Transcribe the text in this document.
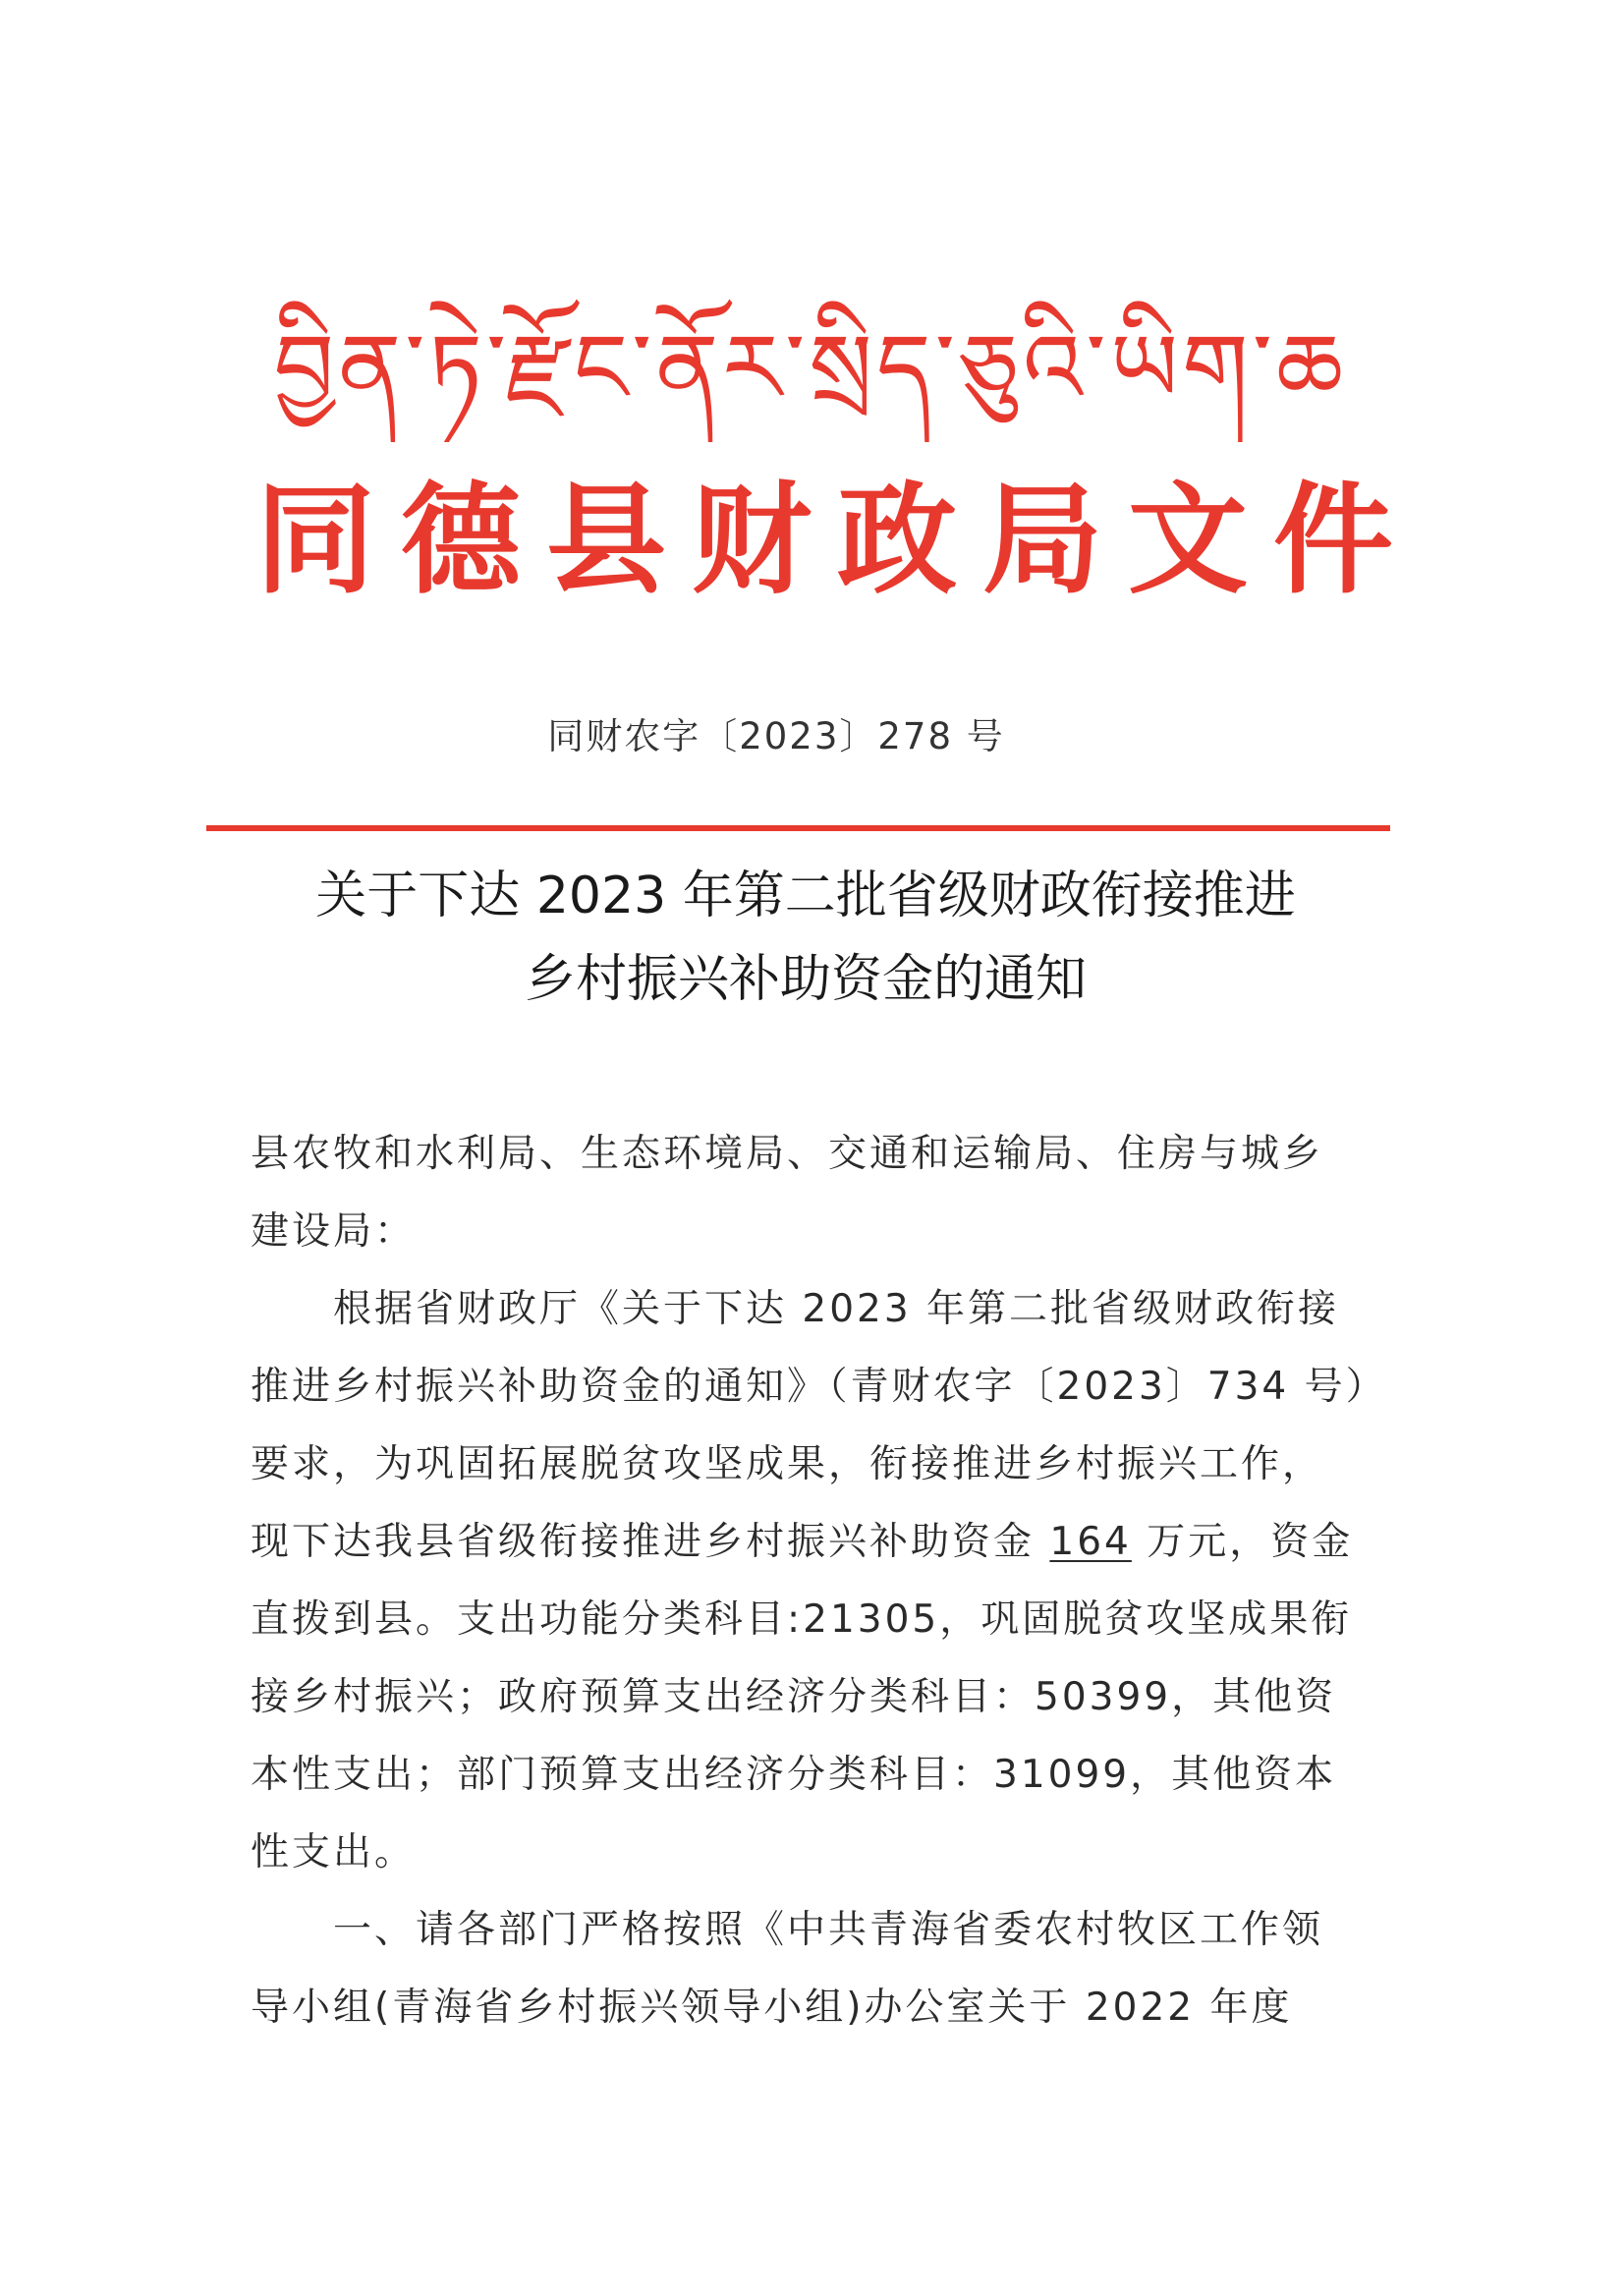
བྱིན་ཏེ་རྫོང་ནོར་སྲིད་ཅུའི་ཡིག་ཆ
同德县财政局文件
同财农字〔2023〕278 号
关于下达 2023 年第二批省级财政衔接推进
乡村振兴补助资金的通知
县农牧和水利局、生态环境局、交通和运输局、住房与城乡
建设局：
根据省财政厅《关于下达 2023 年第二批省级财政衔接
推进乡村振兴补助资金的通知》（青财农字〔2023〕734 号）
要求，为巩固拓展脱贫攻坚成果，衔接推进乡村振兴工作，
现下达我县省级衔接推进乡村振兴补助资金 164 万元，资金
直拨到县。支出功能分类科目:21305，巩固脱贫攻坚成果衔
接乡村振兴；政府预算支出经济分类科目：50399，其他资
本性支出；部门预算支出经济分类科目：31099，其他资本
性支出。
一、请各部门严格按照《中共青海省委农村牧区工作领
导小组(青海省乡村振兴领导小组)办公室关于 2022 年度
